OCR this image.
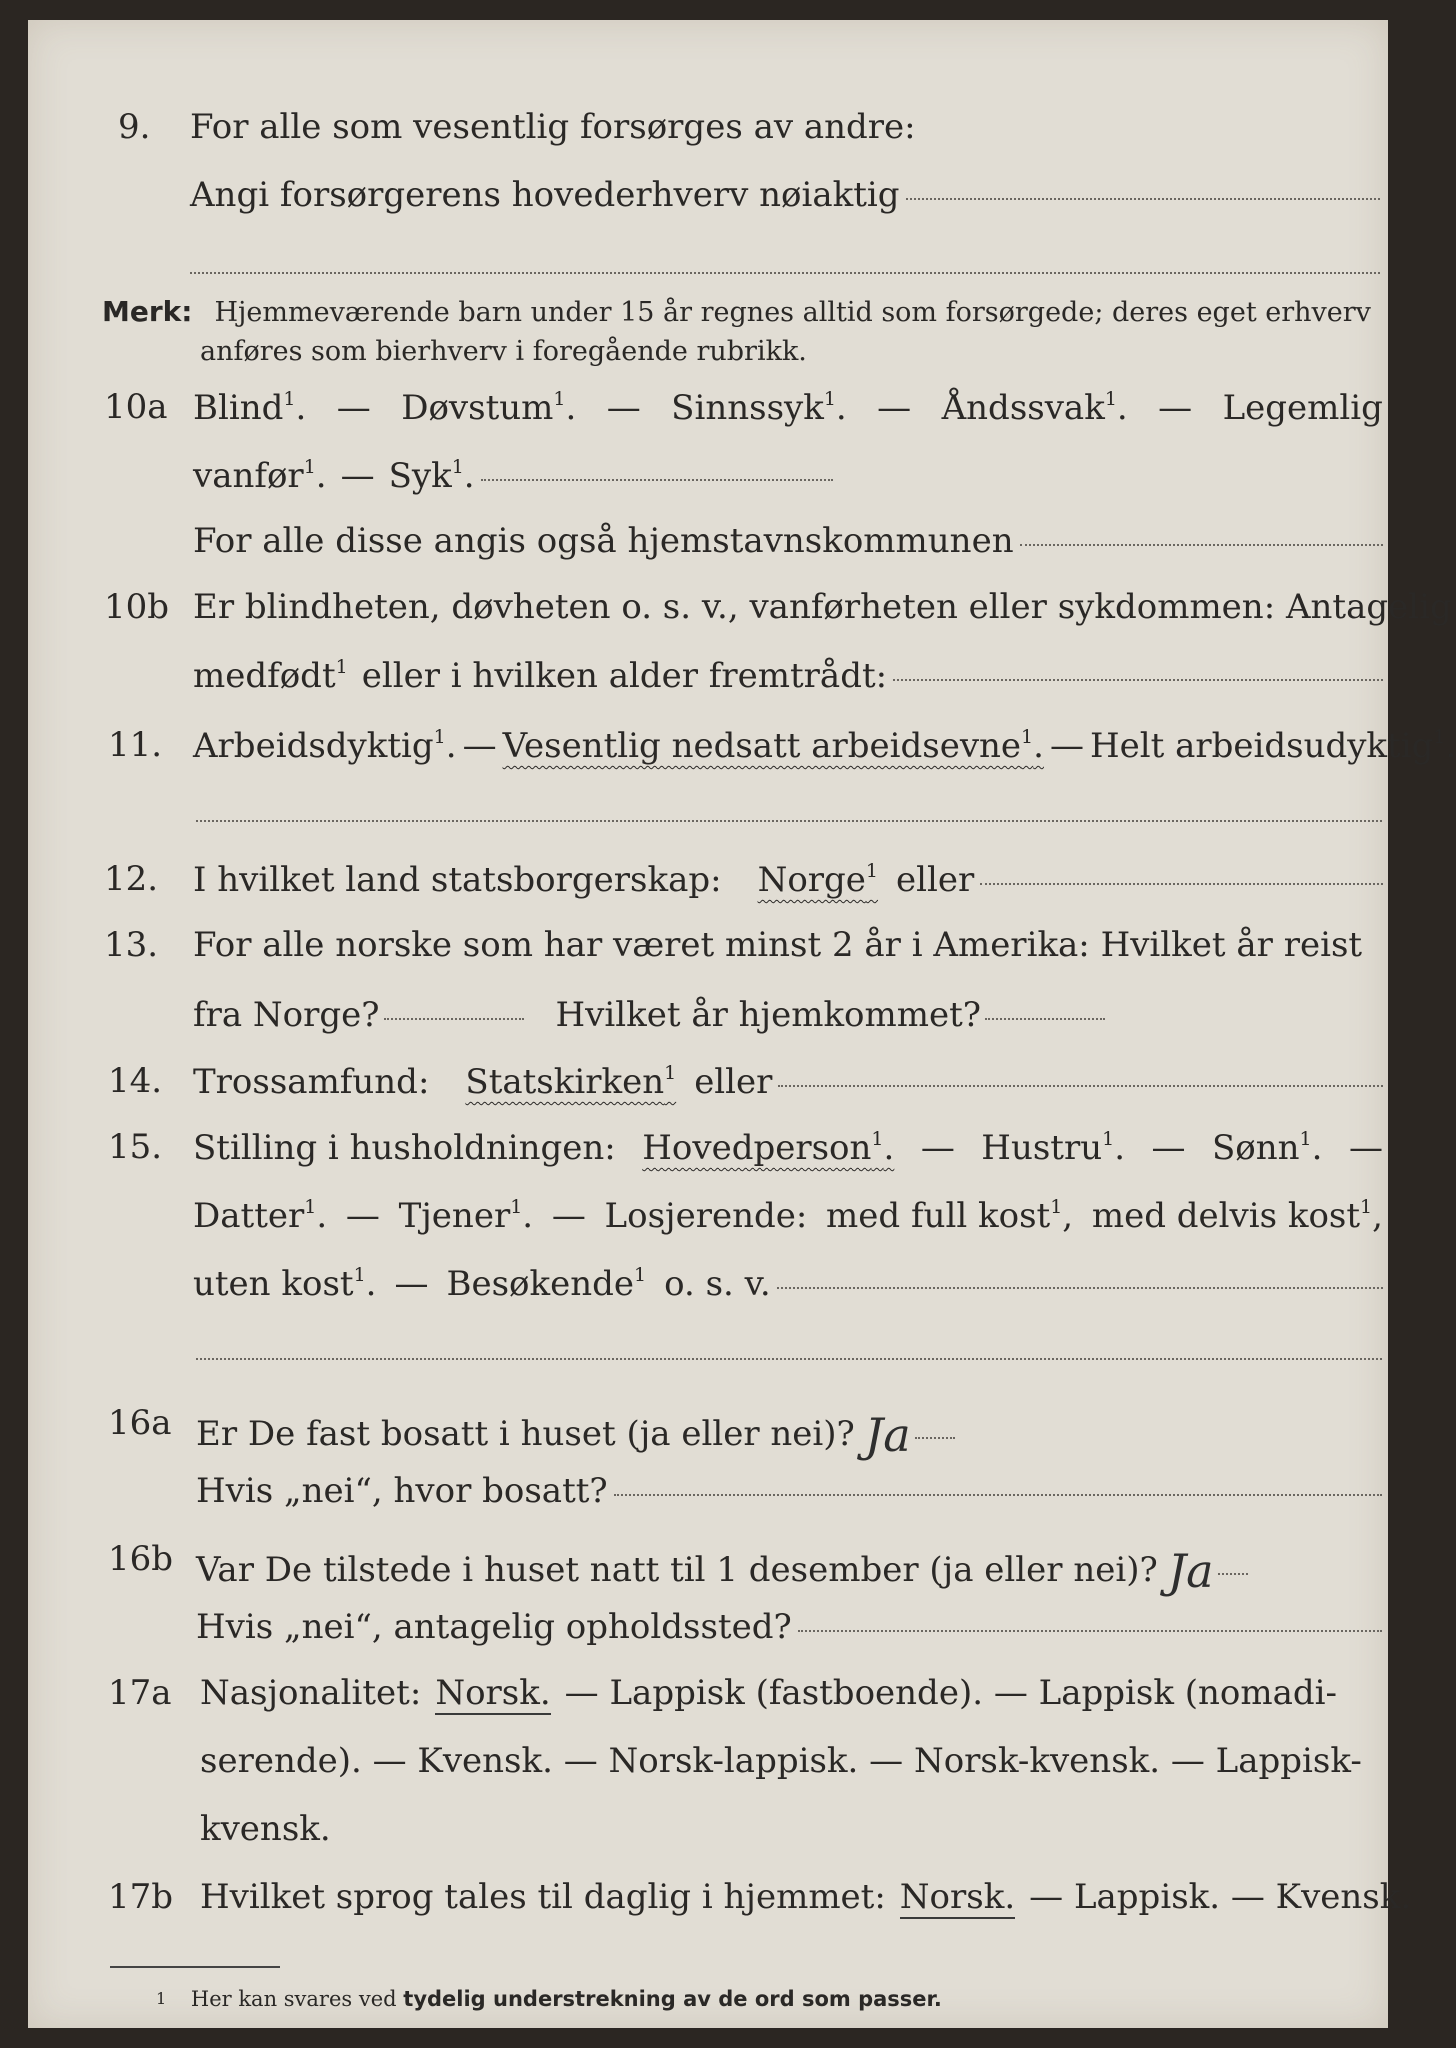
9.	For alle som vesentlig forsørges av andre:
Angi forsørgerens hovederhverv nøiaktig
Merk: Hjemmeværende barn under 15 år regnes alltid som forsørgede; deres eget erhverv
anføres som bierhverv i foregående rubrikk.
10a Blind$^1$. — Døvstum$^1$. — Sinnssyk$^1$. — Åndssvak$^1$. — Legemlig
vanfør$^1$. — Syk$^1$.
For alle disse angis også hjemstavnskommunen
10b Er blindheten, døvheten o. s. v., vanførheten eller sykdommen: Antagelig
medfødt$^1$ eller i hvilken alder fremtrådt:
11. Arbeidsdyktig$^1$. — Vesentlig nedsatt arbeidsevne$^1$. — Helt arbeidsudyktig$^1$.
12.	I hvilket land statsborgerskap: Norge$^1$ eller
13.	For alle norske som har været minst 2 år i Amerika: Hvilket år reist
fra Norge?	Hvilket år hjemkommet?
14. Trossamfund: Statskirken$^1$ eller
15. Stilling i husholdningen: Hovedperson$^1$. — Hustru$^1$. — Sønn$^1$. —
Datter$^1$. — Tjener$^1$. — Losjerende: med full kost$^1$, med delvis kost$^1$,
uten kost$^1$. — Besøkende$^1$ o. s. v.
16a Er De fast bosatt i huset (ja eller nei)? Ja
Hvis „nei“, hvor bosatt?
16b Var De tilstede i huset natt til 1 desember (ja eller nei)? Ja
Hvis „nei“, antagelig opholdssted?
17a Nasjonalitet: Norsk. — Lappisk (fastboende). — Lappisk (nomadi-
serende). — Kvensk. — Norsk-lappisk. — Norsk-kvensk. — Lappisk-
kvensk.
17b Hvilket sprog tales til daglig i hjemmet: Norsk. — Lappisk. — Kvensk.
1 Her kan svares ved tydelig understrekning av de ord som passer.
